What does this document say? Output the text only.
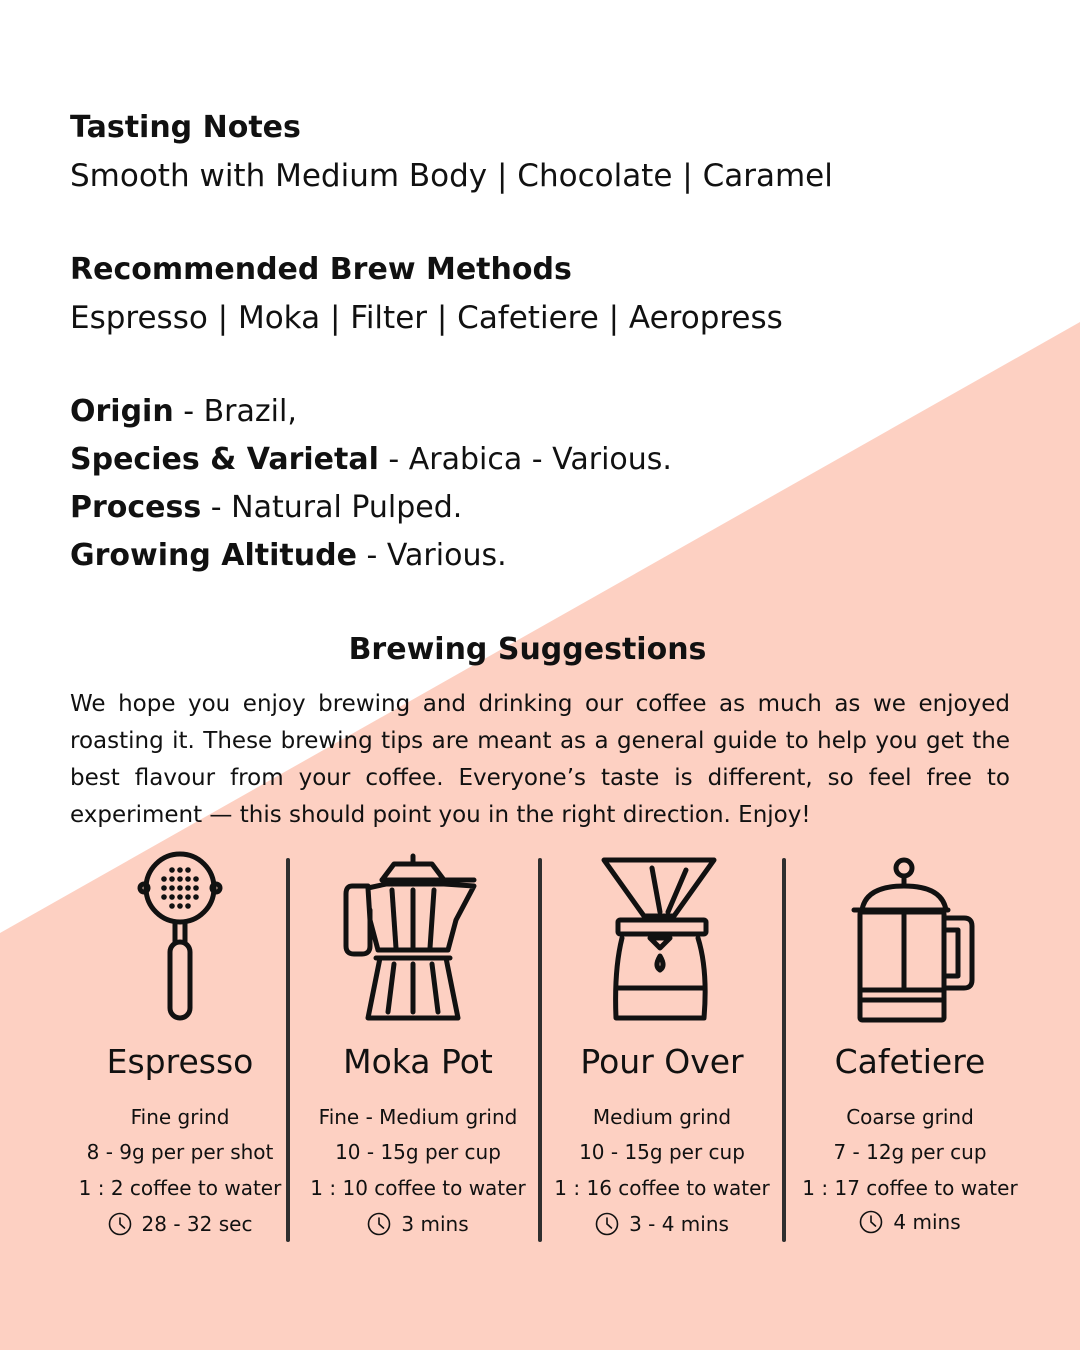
Tasting Notes
Smooth with Medium Body | Chocolate | Caramel
Recommended Brew Methods
Espresso | Moka | Filter | Cafetiere | Aeropress
Origin - Brazil,
Species & Varietal - Arabica - Various.
Process - Natural Pulped.
Growing Altitude - Various.
Brewing Suggestions
We hope you enjoy brewing and drinking our coffee as much as we enjoyed roasting it. These brewing tips are meant as a general guide to help you get the best flavour from your coffee. Everyone’s taste is different, so feel free to experiment — this should point you in the right direction. Enjoy!
Espresso
Fine grind
8 - 9g per per shot
1 : 2 coffee to water
28 - 32 sec
Moka Pot
Fine - Medium grind
10 - 15g per cup
1 : 10 coffee to water
3 mins
Pour Over
Medium grind
10 - 15g per cup
1 : 16 coffee to water
3 - 4 mins
Cafetiere
Coarse grind
7 - 12g per cup
1 : 17 coffee to water
4 mins
